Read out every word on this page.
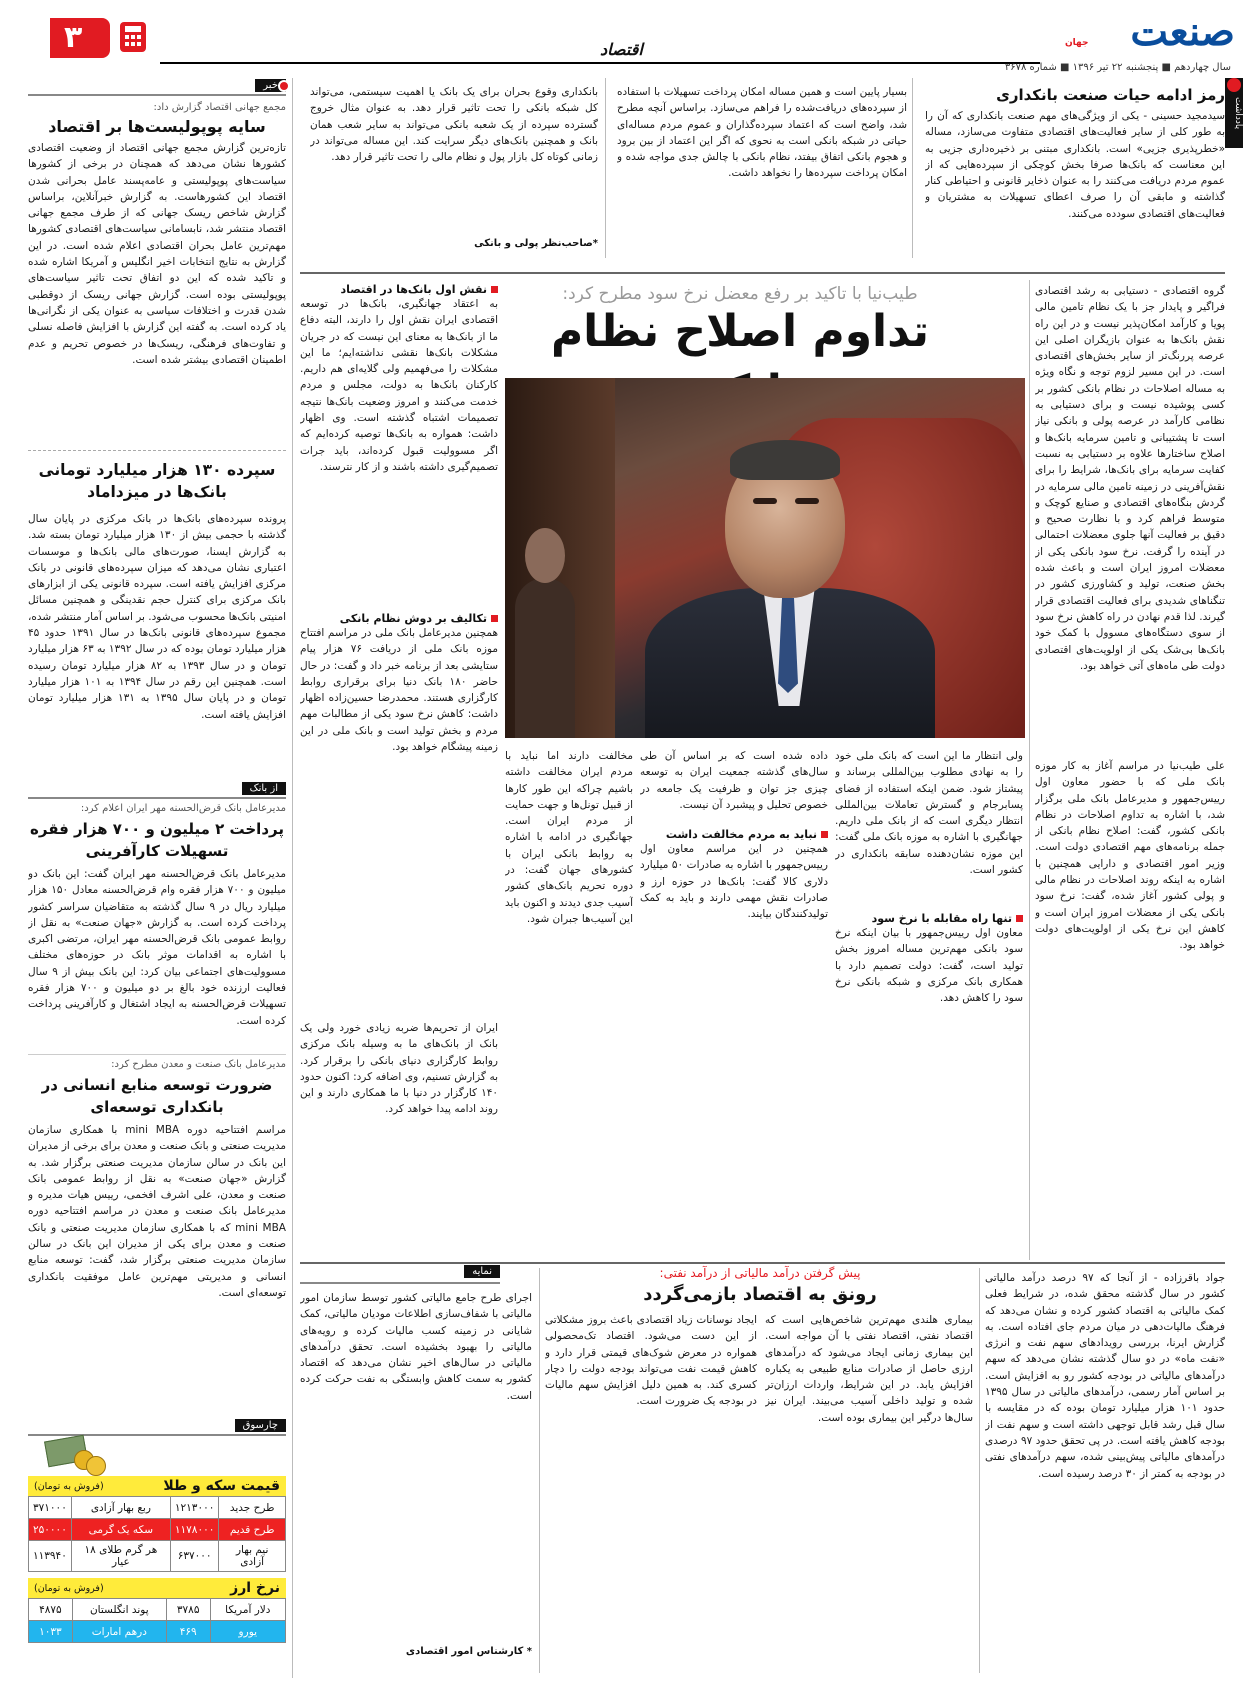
۳	اقتصاد	صنعت
جهان
سال چهاردهم ■ پنجشنبه ۲۲ تیر ۱۳۹۶ ■ شماره ۳۶۷۸
خبر
مجمع جهانی اقتصاد گزارش داد:
سایه پوپولیست‌ها بر اقتصاد
تازه‌ترین گزارش مجمع جهانی اقتصاد از وضعیت اقتصادی کشورها نشان می‌دهد که همچنان در برخی از کشورها سیاست‌های پوپولیستی و عامه‌پسند عامل بحرانی شدن اقتصاد این کشورهاست. به گزارش خبرآنلاین، براساس گزارش شاخص ریسک جهانی که از طرف مجمع جهانی اقتصاد منتشر شد، نابسامانی سیاست‌های اقتصادی کشورها مهم‌ترین عامل بحران اقتصادی اعلام شده است. در این گزارش به نتایج انتخابات اخیر انگلیس و آمریکا اشاره شده و تاکید شده که این دو اتفاق تحت تاثیر سیاست‌های پوپولیستی بوده است. گزارش جهانی ریسک از دوقطبی شدن قدرت و اختلافات سیاسی به عنوان یکی از نگرانی‌ها یاد کرده است. به گفته این گزارش با افزایش فاصله نسلی و تفاوت‌های فرهنگی، ریسک‌ها در خصوص تحریم و عدم اطمینان اقتصادی بیشتر شده است.
سپرده ۱۳۰ هزار میلیارد تومانی بانک‌ها در میزداماد
پرونده سپرده‌های بانک‌ها در بانک مرکزی در پایان سال گذشته با حجمی بیش از ۱۳۰ هزار میلیارد تومان بسته شد. به گزارش ایسنا، صورت‌های مالی بانک‌ها و موسسات اعتباری نشان می‌دهد که میزان سپرده‌های قانونی در بانک مرکزی افزایش یافته است. سپرده قانونی یکی از ابزارهای بانک مرکزی برای کنترل حجم نقدینگی و همچنین مسائل امنیتی بانک‌ها محسوب می‌شود. بر اساس آمار منتشر شده، مجموع سپرده‌های قانونی بانک‌ها در سال ۱۳۹۱ حدود ۴۵ هزار میلیارد تومان بوده که در سال ۱۳۹۲ به ۶۳ هزار میلیارد تومان و در سال ۱۳۹۳ به ۸۲ هزار میلیارد تومان رسیده است. همچنین این رقم در سال ۱۳۹۴ به ۱۰۱ هزار میلیارد تومان و در پایان سال ۱۳۹۵ به ۱۳۱ هزار میلیارد تومان افزایش یافته است.
از بانک
مدیرعامل بانک قرض‌الحسنه مهر ایران اعلام کرد:
پرداخت ۲ میلیون و ۷۰۰ هزار فقره تسهیلات کارآفرینی
مدیرعامل بانک قرض‌الحسنه مهر ایران گفت: این بانک دو میلیون و ۷۰۰ هزار فقره وام قرض‌الحسنه معادل ۱۵۰ هزار میلیارد ریال در ۹ سال گذشته به متقاضیان سراسر کشور پرداخت کرده است. به گزارش «جهان صنعت» به نقل از روابط عمومی بانک قرض‌الحسنه مهر ایران، مرتضی اکبری با اشاره به اقدامات موثر بانک در حوزه‌های مختلف مسوولیت‌های اجتماعی بیان کرد: این بانک بیش از ۹ سال فعالیت ارزنده خود بالغ بر دو میلیون و ۷۰۰ هزار فقره تسهیلات قرض‌الحسنه به ایجاد اشتغال و کارآفرینی پرداخت کرده است.
مدیرعامل بانک صنعت و معدن مطرح کرد:
ضرورت توسعه منابع انسانی در بانکداری توسعه‌ای
مراسم افتتاحیه دوره mini MBA با همکاری سازمان مدیریت صنعتی و بانک صنعت و معدن برای برخی از مدیران این بانک در سالن سازمان مدیریت صنعتی برگزار شد. به گزارش «جهان صنعت» به نقل از روابط عمومی بانک صنعت و معدن، علی اشرف افخمی، رییس هیات مدیره و مدیرعامل بانک صنعت و معدن در مراسم افتتاحیه دوره mini MBA که با همکاری سازمان مدیریت صنعتی و بانک صنعت و معدن برای یکی از مدیران این بانک در سالن سازمان مدیریت صنعتی برگزار شد، گفت: توسعه منابع انسانی و مدیریتی مهم‌ترین عامل موفقیت بانکداری توسعه‌ای است.
چارسوق
قیمت سکه و طلا
(فروش به تومان)
طرح جدید	۱۲۱۳۰۰۰	ربع بهار آزادی	۳۷۱۰۰۰
طرح قدیم	۱۱۷۸۰۰۰	سکه یک گرمی	۲۵۰۰۰۰
نیم بهار آزادی	۶۳۷۰۰۰	هر گرم طلای ۱۸ عیار	۱۱۳۹۴۰
نرخ ارز
(فروش به تومان)
دلار آمریکا	۳۷۸۵	پوند انگلستان	۴۸۷۵
یورو	۴۶۹	درهم امارات	۱۰۳۳
یادداشت
رمز ادامه حیات صنعت بانکداری
سیدمجید حسینی - یکی از ویژگی‌های مهم صنعت بانکداری که آن را به طور کلی از سایر فعالیت‌های اقتصادی متفاوت می‌سازد، مساله «خطرپذیری جزیی» است. بانکداری مبتنی بر ذخیره‌داری جزیی به این معناست که بانک‌ها صرفا بخش کوچکی از سپرده‌هایی که از عموم مردم دریافت می‌کنند را به عنوان ذخایر قانونی و احتیاطی کنار گذاشته و مابقی آن را صرف اعطای تسهیلات به مشتریان و فعالیت‌های اقتصادی سودده می‌کنند.
بسیار پایین است و همین مساله امکان پرداخت تسهیلات با استفاده از سپرده‌های دریافت‌شده را فراهم می‌سازد. براساس آنچه مطرح شد، واضح است که اعتماد سپرده‌گذاران و عموم مردم مساله‌ای حیاتی در شبکه بانکی است به نحوی که اگر این اعتماد از بین برود و هجوم بانکی اتفاق بیفتد، نظام بانکی با چالش جدی مواجه شده و امکان پرداخت سپرده‌ها را نخواهد داشت.
بانکداری وقوع بحران برای یک بانک یا اهمیت سیستمی، می‌تواند کل شبکه بانکی را تحت تاثیر قرار دهد. به عنوان مثال خروج گسترده سپرده از یک شعبه بانکی می‌تواند به سایر شعب همان بانک و همچنین بانک‌های دیگر سرایت کند. این مساله می‌تواند در زمانی کوتاه کل بازار پول و نظام مالی را تحت تاثیر قرار دهد.
*صاحب‌نظر پولی و بانکی
طیب‌نیا با تاکید بر رفع معضل نرخ سود مطرح کرد:
تداوم اصلاح نظام
گروه اقتصادی - دستیابی به رشد اقتصادی فراگیر و پایدار جز با یک نظام تامین مالی پویا و کارآمد امکان‌پذیر نیست و در این راه نقش بانک‌ها به عنوان بازیگران اصلی این عرصه پررنگ‌تر از سایر بخش‌های اقتصادی است. در این مسیر لزوم توجه و نگاه ویژه به مساله اصلاحات در نظام بانکی کشور بر کسی پوشیده نیست و برای دستیابی به نظامی کارآمد در عرصه پولی و بانکی نیاز است تا پشتیبانی و تامین سرمایه بانک‌ها و اصلاح ساختارها علاوه بر دستیابی به نسبت کفایت سرمایه برای بانک‌ها، شرایط را برای نقش‌آفرینی در زمینه تامین مالی سرمایه در گردش بنگاه‌های اقتصادی و صنایع کوچک و متوسط فراهم کرد و با نظارت صحیح و دقیق بر فعالیت آنها جلوی معضلات احتمالی در آینده را گرفت. نرخ سود بانکی یکی از معضلات امروز ایران است و باعث شده بخش صنعت، تولید و کشاورزی کشور در تنگناهای شدیدی برای فعالیت اقتصادی قرار گیرند. لذا قدم نهادن در راه کاهش نرخ سود از سوی دستگاه‌های مسوول با کمک خود بانک‌ها بی‌شک یکی از اولویت‌های اقتصادی دولت طی ماه‌های آتی خواهد بود.
علی طیب‌نیا در مراسم آغاز به کار موزه بانک ملی که با حضور معاون اول رییس‌جمهور و مدیرعامل بانک ملی برگزار شد، با اشاره به تداوم اصلاحات در نظام بانکی کشور، گفت: اصلاح نظام بانکی از جمله برنامه‌های مهم اقتصادی دولت است. وزیر امور اقتصادی و دارایی همچنین با اشاره به اینکه روند اصلاحات در نظام مالی و پولی کشور آغاز شده، گفت: نرخ سود بانکی یکی از معضلات امروز ایران است و کاهش این نرخ یکی از اولویت‌های دولت خواهد بود.
نقش اول بانک‌ها در اقتصاد
به اعتقاد جهانگیری، بانک‌ها در توسعه اقتصادی ایران نقش اول را دارند، البته دفاع ما از بانک‌ها به معنای این نیست که در جریان مشکلات بانک‌ها نقشی نداشته‌ایم؛ ما این مشکلات را می‌فهمیم ولی گلایه‌ای هم داریم. کارکنان بانک‌ها به دولت، مجلس و مردم خدمت می‌کنند و امروز وضعیت بانک‌ها نتیجه تصمیمات اشتباه گذشته است. وی اظهار داشت: همواره به بانک‌ها توصیه کرده‌ایم که اگر مسوولیت قبول کرده‌اند، باید جرات تصمیم‌گیری داشته باشند و از کار نترسند.
تکالیف بر دوش نظام بانکی
همچنین مدیرعامل بانک ملی در مراسم افتتاح موزه بانک ملی از دریافت ۷۶ هزار پیام ستایشی بعد از برنامه خبر داد و گفت: در حال حاضر ۱۸۰ بانک دنیا برای برقراری روابط کارگزاری هستند. محمدرضا حسین‌زاده اظهار داشت: کاهش نرخ سود یکی از مطالبات مهم مردم و بخش تولید است و بانک ملی در این زمینه پیشگام خواهد بود.
ولی انتظار ما این است که بانک ملی خود را به نهادی مطلوب بین‌المللی برساند و پیشتاز شود. ضمن اینکه استفاده از فضای پسابرجام و گسترش تعاملات بین‌المللی انتظار دیگری است که از بانک ملی داریم. جهانگیری با اشاره به موزه بانک ملی گفت: این موزه نشان‌دهنده سابقه بانکداری در کشور است.
تنها راه مقابله با نرخ سود
معاون اول رییس‌جمهور با بیان اینکه نرخ سود بانکی مهم‌ترین مساله امروز بخش تولید است، گفت: دولت تصمیم دارد با همکاری بانک مرکزی و شبکه بانکی نرخ سود را کاهش دهد.
داده شده است که بر اساس آن طی سال‌های گذشته جمعیت ایران به توسعه چیزی جز توان و ظرفیت یک جامعه در خصوص تحلیل و پیشبرد آن نیست.
نباید به مردم مخالفت داشت
همچنین در این مراسم معاون اول رییس‌جمهور با اشاره به صادرات ۵۰ میلیارد دلاری کالا گفت: بانک‌ها در حوزه ارز و صادرات نقش مهمی دارند و باید به کمک تولیدکنندگان بیایند.
مخالفت دارند اما نباید با مردم ایران مخالفت داشته باشیم چراکه این طور کارها از قبیل تونل‌ها و جهت حمایت از مردم ایران است. جهانگیری در ادامه با اشاره به روابط بانکی ایران با کشورهای جهان گفت: در دوره تحریم بانک‌های کشور آسیب جدی دیدند و اکنون باید این آسیب‌ها جبران شود.
ایران از تحریم‌ها ضربه زیادی خورد ولی یک بانک از بانک‌های ما به وسیله بانک مرکزی روابط کارگزاری دنیای بانکی را برقرار کرد. به گزارش تسنیم، وی اضافه کرد: اکنون حدود ۱۴۰ کارگزار در دنیا با ما همکاری دارند و این روند ادامه پیدا خواهد کرد.
نمایه	پیش گرفتن درآمد مالیاتی از درآمد نفتی:
رونق به اقتصاد بازمی‌گردد
جواد باقرزاده - از آنجا که ۹۷ درصد درآمد مالیاتی کشور در سال گذشته محقق شده، در شرایط فعلی کمک مالیاتی به اقتصاد کشور کرده و نشان می‌دهد که فرهنگ مالیات‌دهی در میان مردم جای افتاده است. به گزارش ایرنا، بررسی رویدادهای سهم نفت و انرژی «نفت ماه» در دو سال گذشته نشان می‌دهد که سهم درآمدهای مالیاتی در بودجه کشور رو به افزایش است. بر اساس آمار رسمی، درآمدهای مالیاتی در سال ۱۳۹۵ حدود ۱۰۱ هزار میلیارد تومان بوده که در مقایسه با سال قبل رشد قابل توجهی داشته است و سهم نفت از بودجه کاهش یافته است. در پی تحقق حدود ۹۷ درصدی درآمدهای مالیاتی پیش‌بینی شده، سهم درآمدهای نفتی در بودجه به کمتر از ۳۰ درصد رسیده است.
بیماری هلندی مهم‌ترین شاخص‌هایی است که اقتصاد نفتی، اقتصاد نفتی با آن مواجه است. این بیماری زمانی ایجاد می‌شود که درآمدهای ارزی حاصل از صادرات منابع طبیعی به یکباره افزایش یابد. در این شرایط، واردات ارزان‌تر شده و تولید داخلی آسیب می‌بیند. ایران نیز سال‌ها درگیر این بیماری بوده است.
ایجاد نوسانات زیاد اقتصادی باعث بروز مشکلاتی از این دست می‌شود. اقتصاد تک‌محصولی همواره در معرض شوک‌های قیمتی قرار دارد و کاهش قیمت نفت می‌تواند بودجه دولت را دچار کسری کند. به همین دلیل افزایش سهم مالیات در بودجه یک ضرورت است.
اجرای طرح جامع مالیاتی کشور توسط سازمان امور مالیاتی با شفاف‌سازی اطلاعات مودیان مالیاتی، کمک شایانی در زمینه کسب مالیات کرده و رویه‌های مالیاتی را بهبود بخشیده است. تحقق درآمدهای مالیاتی در سال‌های اخیر نشان می‌دهد که اقتصاد کشور به سمت کاهش وابستگی به نفت حرکت کرده است.
* کارشناس امور اقتصادی
